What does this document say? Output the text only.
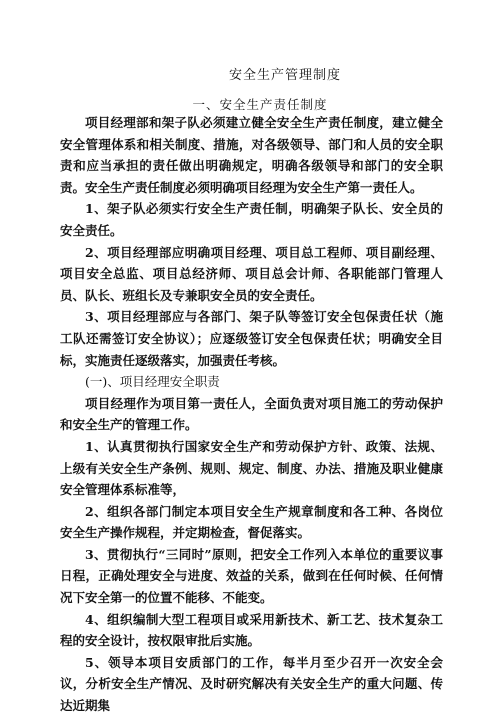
安全生产管理制度
一、安全生产责任制度

项目经理部和架子队必须建立健全安全生产责任制度，建立健全安全管理体系和相关制度、措施，对各级领导、部门和人员的安全职责和应当承担的责任做出明确规定，明确各级领导和部门的安全职责。安全生产责任制度必须明确项目经理为安全生产第一责任人。

1、架子队必须实行安全生产责任制，明确架子队长、安全员的安全责任。

2、项目经理部应明确项目经理、项目总工程师、项目副经理、项目安全总监、项目总经济师、项目总会计师、各职能部门管理人员、队长、班组长及专兼职安全员的安全责任。

3、项目经理部应与各部门、架子队等签订安全包保责任状（施工队还需签订安全协议）；应逐级签订安全包保责任状；明确安全目标，实施责任逐级落实，加强责任考核。

(一)、项目经理安全职责

项目经理作为项目第一责任人，全面负责对项目施工的劳动保护和安全生产的管理工作。

1、认真贯彻执行国家安全生产和劳动保护方针、政策、法规、上级有关安全生产条例、规则、规定、制度、办法、措施及职业健康安全管理体系标准等，

2、组织各部门制定本项目安全生产规章制度和各工种、各岗位安全生产操作规程，并定期检查，督促落实。

3、贯彻执行“三同时”原则，把安全工作列入本单位的重要议事日程，正确处理安全与进度、效益的关系，做到在任何时候、任何情况下安全第一的位置不能移、不能变。

4、组织编制大型工程项目或采用新技术、新工艺、技术复杂工程的安全设计，按权限审批后实施。

5、领导本项目安质部门的工作，每半月至少召开一次安全会议，分析安全生产情况、及时研究解决有关安全生产的重大问题、传达近期集
